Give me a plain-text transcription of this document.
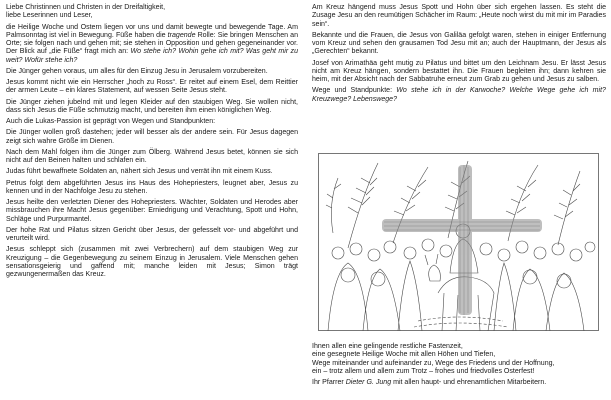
Liebe Christinnen und Christen in der Dreifaltigkeit,

liebe Leserinnen und Leser,

die Heilige Woche und Ostern liegen vor uns und damit bewegte und bewegende Tage. Am Palmsonntag ist viel in Bewegung. Füße haben die tragende Rolle: Sie bringen Menschen an Orte; sie folgen nach und gehen mit; sie stehen in Opposition und gehen gegeneinander vor. Der Blick auf „die Füße“ fragt mich an: Wo stehe ich? Wohin gehe ich mit? Was geht mir zu weit? Wofür stehe ich?

Die Jünger gehen voraus, um alles für den Einzug Jesu in Jerusalem vorzubereiten.

Jesus kommt nicht wie ein Herrscher „hoch zu Ross“. Er reitet auf einem Esel, dem Reittier der armen Leute – ein klares Statement, auf wessen Seite Jesus steht.

Die Jünger ziehen jubelnd mit und legen Kleider auf den staubigen Weg. Sie wollen nicht, dass sich Jesus die Füße schmutzig macht, und bereiten ihm einen königlichen Weg.

Auch die Lukas-Passion ist geprägt von Wegen und Standpunkten:

Die Jünger wollen groß dastehen; jeder will besser als der andere sein. Für Jesus dagegen zeigt sich wahre Größe im Dienen.

Nach dem Mahl folgen ihm die Jünger zum Ölberg. Während Jesus betet, können sie sich nicht auf den Beinen halten und schlafen ein.

Judas führt bewaffnete Soldaten an, nähert sich Jesus und verrät ihn mit einem Kuss.

Petrus folgt dem abgeführten Jesus ins Haus des Hohepriesters, leugnet aber, Jesus zu kennen und in der Nachfolge Jesu zu stehen.

Jesus heilte den verletzten Diener des Hohepriesters. Wächter, Soldaten und Herodes aber missbrauchen ihre Macht Jesus gegenüber: Erniedrigung und Verachtung, Spott und Hohn, Schläge und Purpurmantel.

Der hohe Rat und Pilatus sitzen Gericht über Jesus, der gefesselt vor- und abgeführt und verurteilt wird.

Jesus schleppt sich (zusammen mit zwei Verbrechern) auf dem staubigen Weg zur Kreuzigung – die Gegenbewegung zu seinem Einzug in Jerusalem. Viele Menschen gehen sensationsgeierig und gaffend mit; manche leiden mit Jesus; Simon trägt gezwungenermaßen das Kreuz.

Am Kreuz hängend muss Jesus Spott und Hohn über sich ergehen lassen. Es steht die Zusage Jesu an den reumütigen Schächer im Raum: „Heute noch wirst du mit mir im Paradies sein“.

Bekannte und die Frauen, die Jesus von Galiläa gefolgt waren, stehen in einiger Entfernung vom Kreuz und sehen den grausamen Tod Jesu mit an; auch der Hauptmann, der Jesus als „Gerechten“ bekannt.

Josef von Arimathäa geht mutig zu Pilatus und bittet um den Leichnam Jesu. Er lässt Jesus nicht am Kreuz hängen, sondern bestattet ihn. Die Frauen begleiten ihn; dann kehren sie heim, mit der Absicht nach der Sabbatruhe erneut zum Grab zu gehen und Jesus zu salben.

Wege und Standpunkte: Wo stehe ich in der Karwoche? Welche Wege gehe ich mit? Kreuzwege? Lebenswege?

Ihnen allen eine gelingende restliche Fastenzeit,
eine gesegnete Heilige Woche mit allen Höhen und Tiefen,
Wege miteinander und aufeinander zu, Wege des Friedens und der Hoffnung,
ein – trotz allem und allem zum Trotz – frohes und friedvolles Osterfest!

Ihr Pfarrer Dieter G. Jung mit allen haupt- und ehrenamtlichen Mitarbeitern.
